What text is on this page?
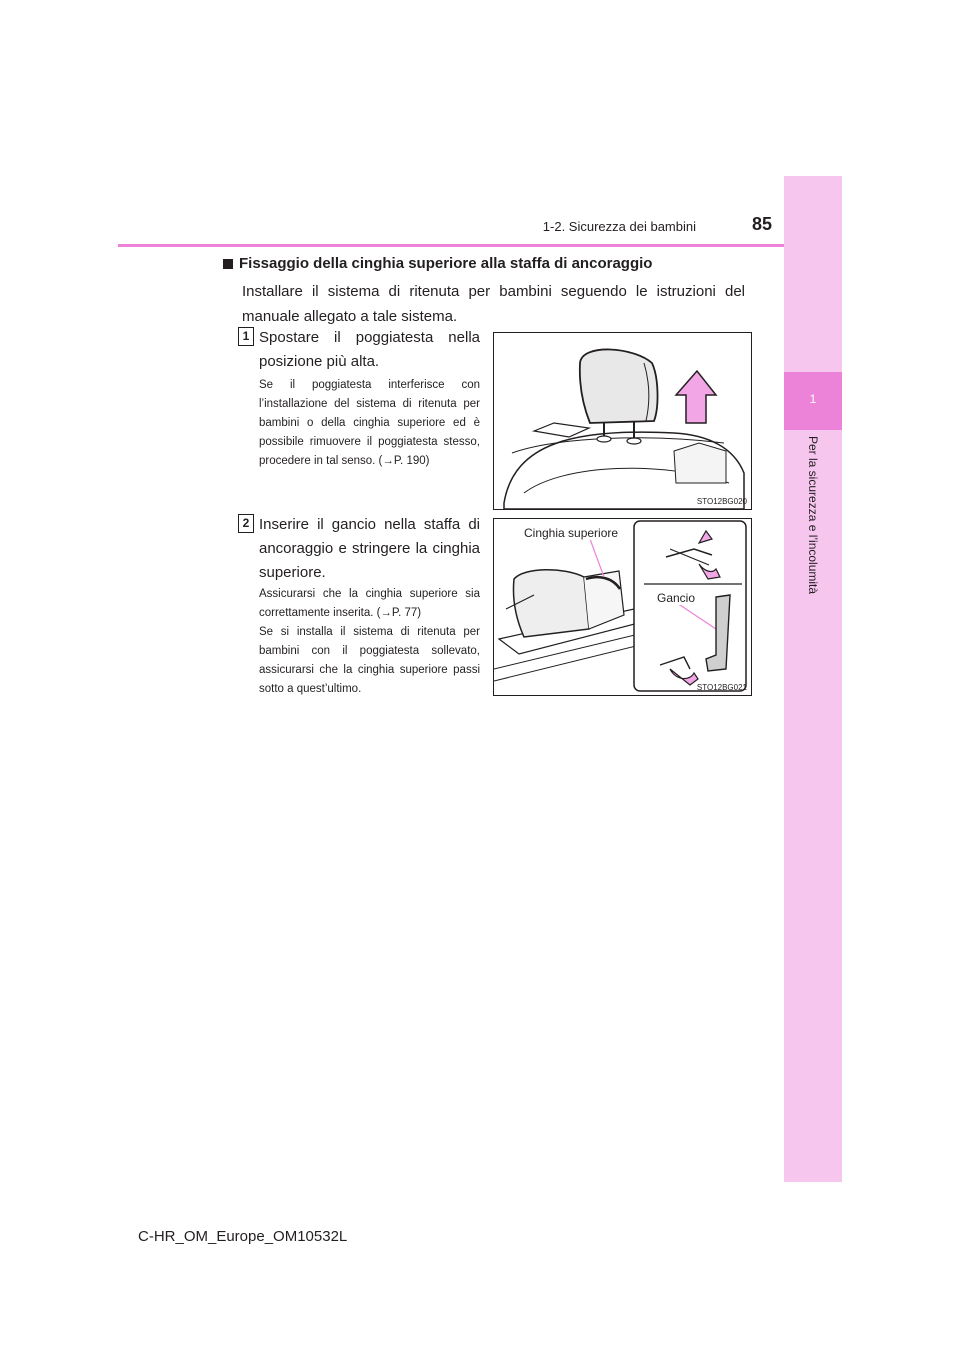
1
Per la sicurezza e l’incolumità
1-2. Sicurezza dei bambini	85
Fissaggio della cinghia superiore alla staffa di ancoraggio
Installare il sistema di ritenuta per bambini seguendo le istruzioni del manuale allegato a tale sistema.
1 Spostare il poggiatesta nella posizione più alta.
Se il poggiatesta interferisce con l’installazione del sistema di ritenuta per bambini o della cinghia superiore ed è possibile rimuovere il poggiatesta stesso, procedere in tal senso. (→P. 190)
STO12BG020
2 Inserire il gancio nella staffa di ancoraggio e stringere la cinghia superiore.
Assicurarsi che la cinghia superiore sia correttamente inserita. (→P. 77)
Se si installa il sistema di ritenuta per bambini con il poggiatesta sollevato, assicurarsi che la cinghia superiore passi sotto a quest’ultimo.
Cinghia superiore
Gancio
STO12BG021
C-HR_OM_Europe_OM10532L
